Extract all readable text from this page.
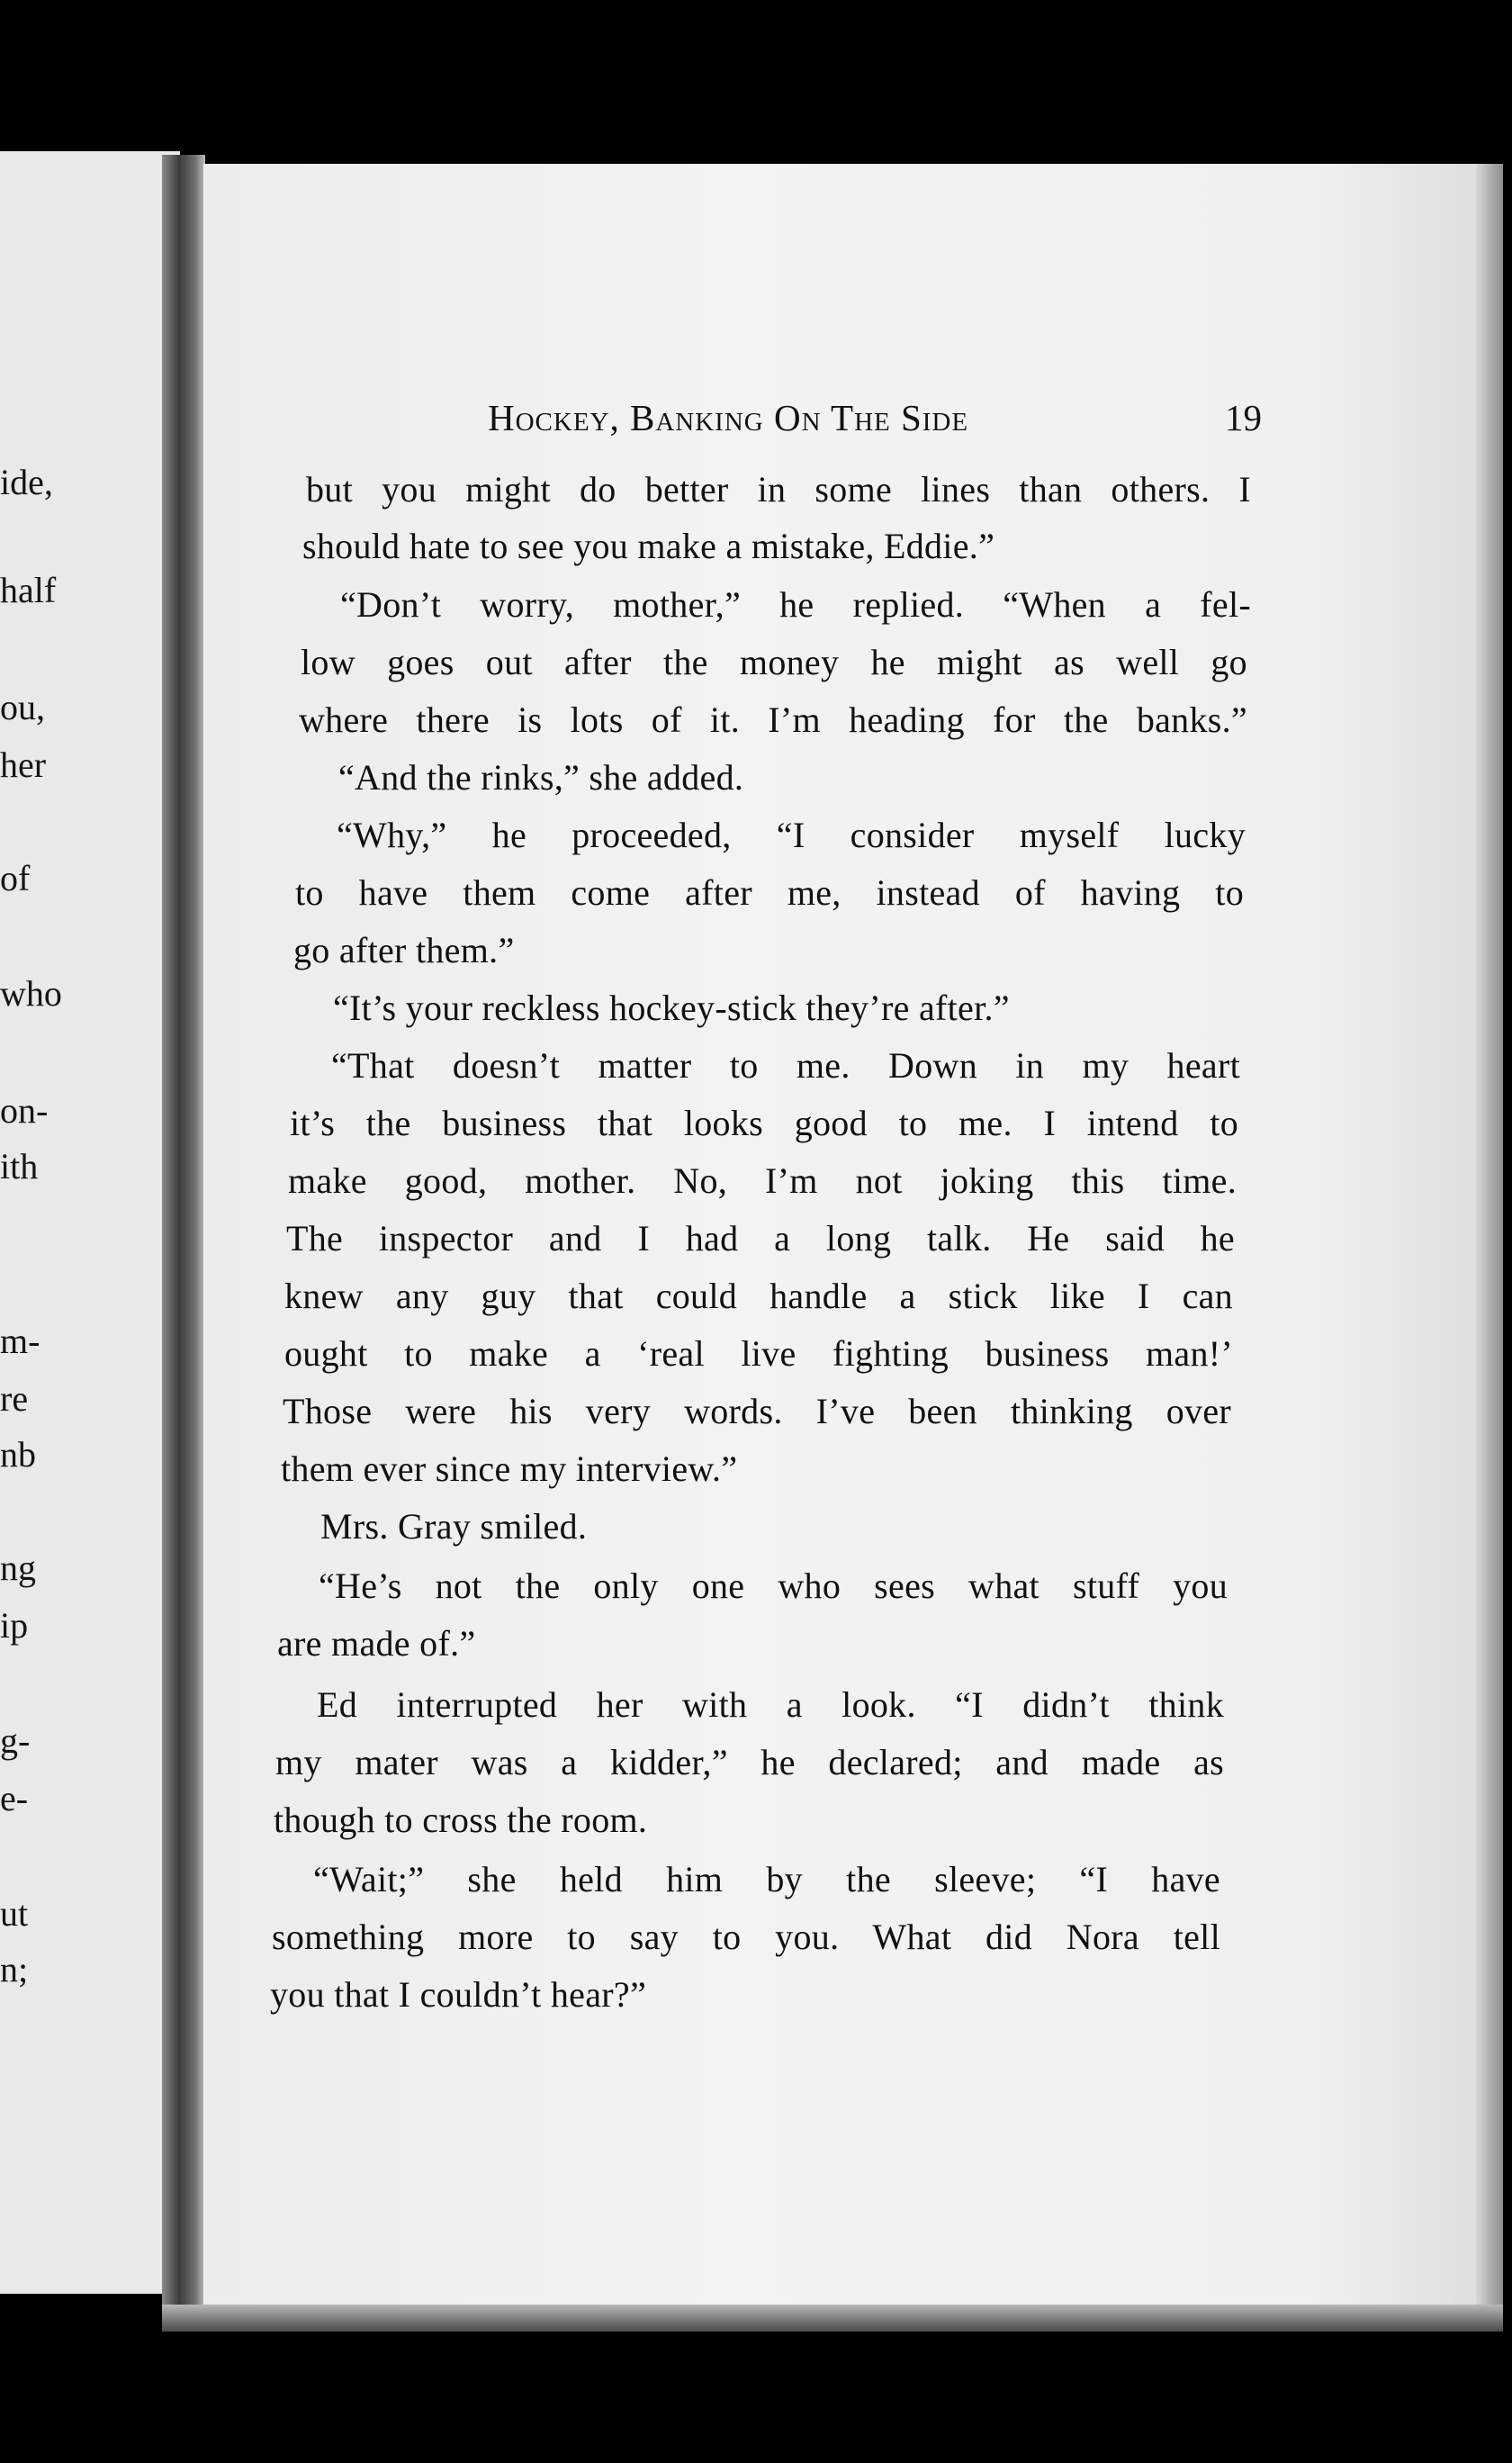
ide,
half
ou,
her
of
who
on-
ith
m-
re
nb
ng
ip
g-
e-
ut
n;
Hockey, Banking On The Side	19
but you might do better in some lines than others. I
should hate to see you make a mistake, Eddie.”
“Don’t worry, mother,” he replied. “When a fel-
low goes out after the money he might as well go
where there is lots of it. I’m heading for the banks.”
“And the rinks,” she added.
“Why,” he proceeded, “I consider myself lucky
to have them come after me, instead of having to
go after them.”
“It’s your reckless hockey-stick they’re after.”
“That doesn’t matter to me. Down in my heart
it’s the business that looks good to me. I intend to
make good, mother. No, I’m not joking this time.
The inspector and I had a long talk. He said he
knew any guy that could handle a stick like I can
ought to make a ‘real live fighting business man!’
Those were his very words. I’ve been thinking over
them ever since my interview.”
Mrs. Gray smiled.
“He’s not the only one who sees what stuff you
are made of.”
Ed interrupted her with a look. “I didn’t think
my mater was a kidder,” he declared; and made as
though to cross the room.
“Wait;” she held him by the sleeve; “I have
something more to say to you. What did Nora tell
you that I couldn’t hear?”
